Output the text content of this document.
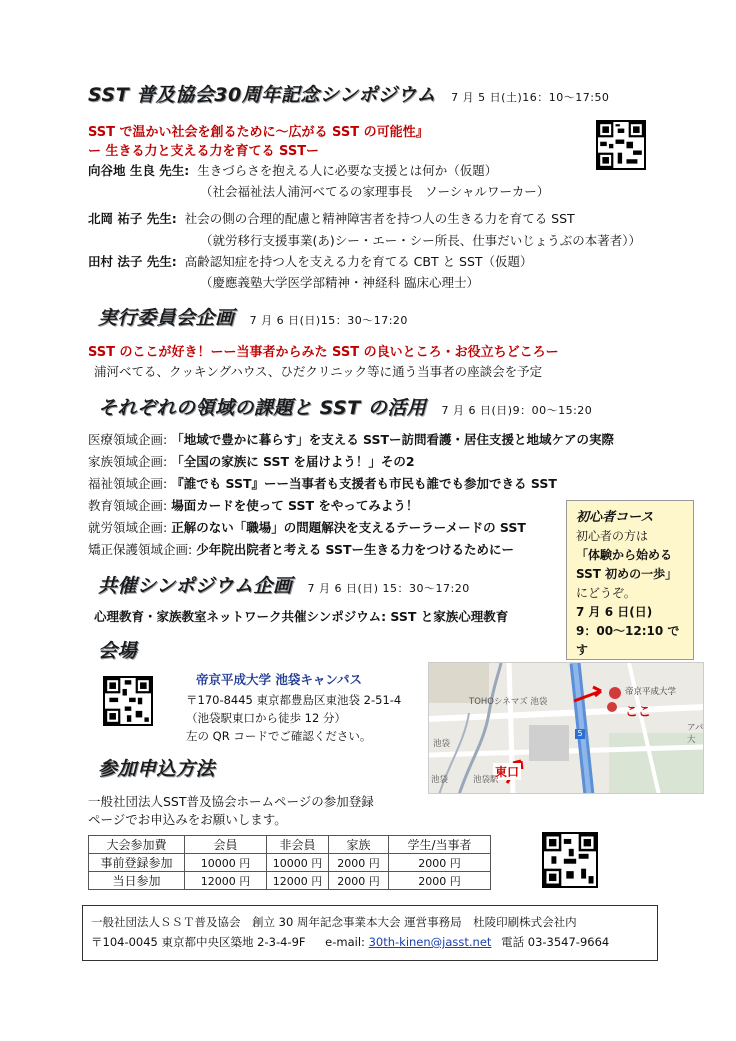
SST 普及協会30周年記念シンポジウム 7 月 5 日(土)16：10～17:50
SST で温かい社会を創るために～広がる SST の可能性』
ー 生きる力と支える力を育てる SSTー
向谷地 生良 先生: 生きづらさを抱える人に必要な支援とは何か（仮題）
（社会福祉法人浦河べてるの家理事長　ソーシャルワーカー）
北岡 祐子 先生: 社会の側の合理的配慮と精神障害者を持つ人の生きる力を育てる SST
（就労移行支援事業(あ)シー・エー・シー所長、仕事だいじょうぶの本著者））
田村 法子 先生: 高齢認知症を持つ人を支える力を育てる CBT と SST（仮題）
（慶應義塾大学医学部精神・神経科 臨床心理士）
実行委員会企画 7 月 6 日(日)15：30～17:20
SST のここが好き！ーー当事者からみた SST の良いところ・お役立ちどころー
浦河べてる、クッキングハウス、ひだクリニック等に通う当事者の座談会を予定
それぞれの領域の課題と SST の活用 7 月 6 日(日)9：00～15:20
医療領域企画: 「地域で豊かに暮らす」を支える SSTー訪問看護・居住支援と地域ケアの実際
家族領域企画: 「全国の家族に SST を届けよう！」その2
福祉領域企画: 『誰でも SST』ーー当事者も支援者も市民も誰でも参加できる SST
教育領域企画: 場面カードを使って SST をやってみよう！
就労領域企画: 正解のない「職場」の問題解決を支えるテーラーメードの SST
矯正保護領域企画: 少年院出院者と考える SSTー生きる力をつけるためにー
初心者コース
初心者の方は
「体験から始める
SST 初めの一歩」
にどうぞ。
7 月 6 日(日)
9：00～12:10 です
共催シンポジウム企画 7 月 6 日(日) 15：30～17:20
心理教育・家族教室ネットワーク共催シンポジウム: SST と家族心理教育
会場
帝京平成大学 池袋キャンパス
〒170-8445 東京都豊島区東池袋 2-51-4
（池袋駅東口から徒歩 12 分）
左の QR コードでご確認ください。
帝京平成大学
ここ
東口
TOHOシネマズ 池袋
アパ
大
池袋
池袋	池袋駅
5
参加申込方法
一般社団法人SST普及協会ホームページの参加登録
ページでお申込みをお願いします。
大会参加費	会員	非会員	家族	学生/当事者
事前登録参加	10000 円	10000 円	2000 円	2000 円
当日参加	12000 円	12000 円	2000 円	2000 円
一般社団法人ＳＳＴ普及協会　創立 30 周年記念事業本大会 運営事務局　杜陵印刷株式会社内
〒104-0045 東京都中央区築地 2-3-4-9F e-mail: 30th-kinen@jasst.net 電話 03-3547-9664
